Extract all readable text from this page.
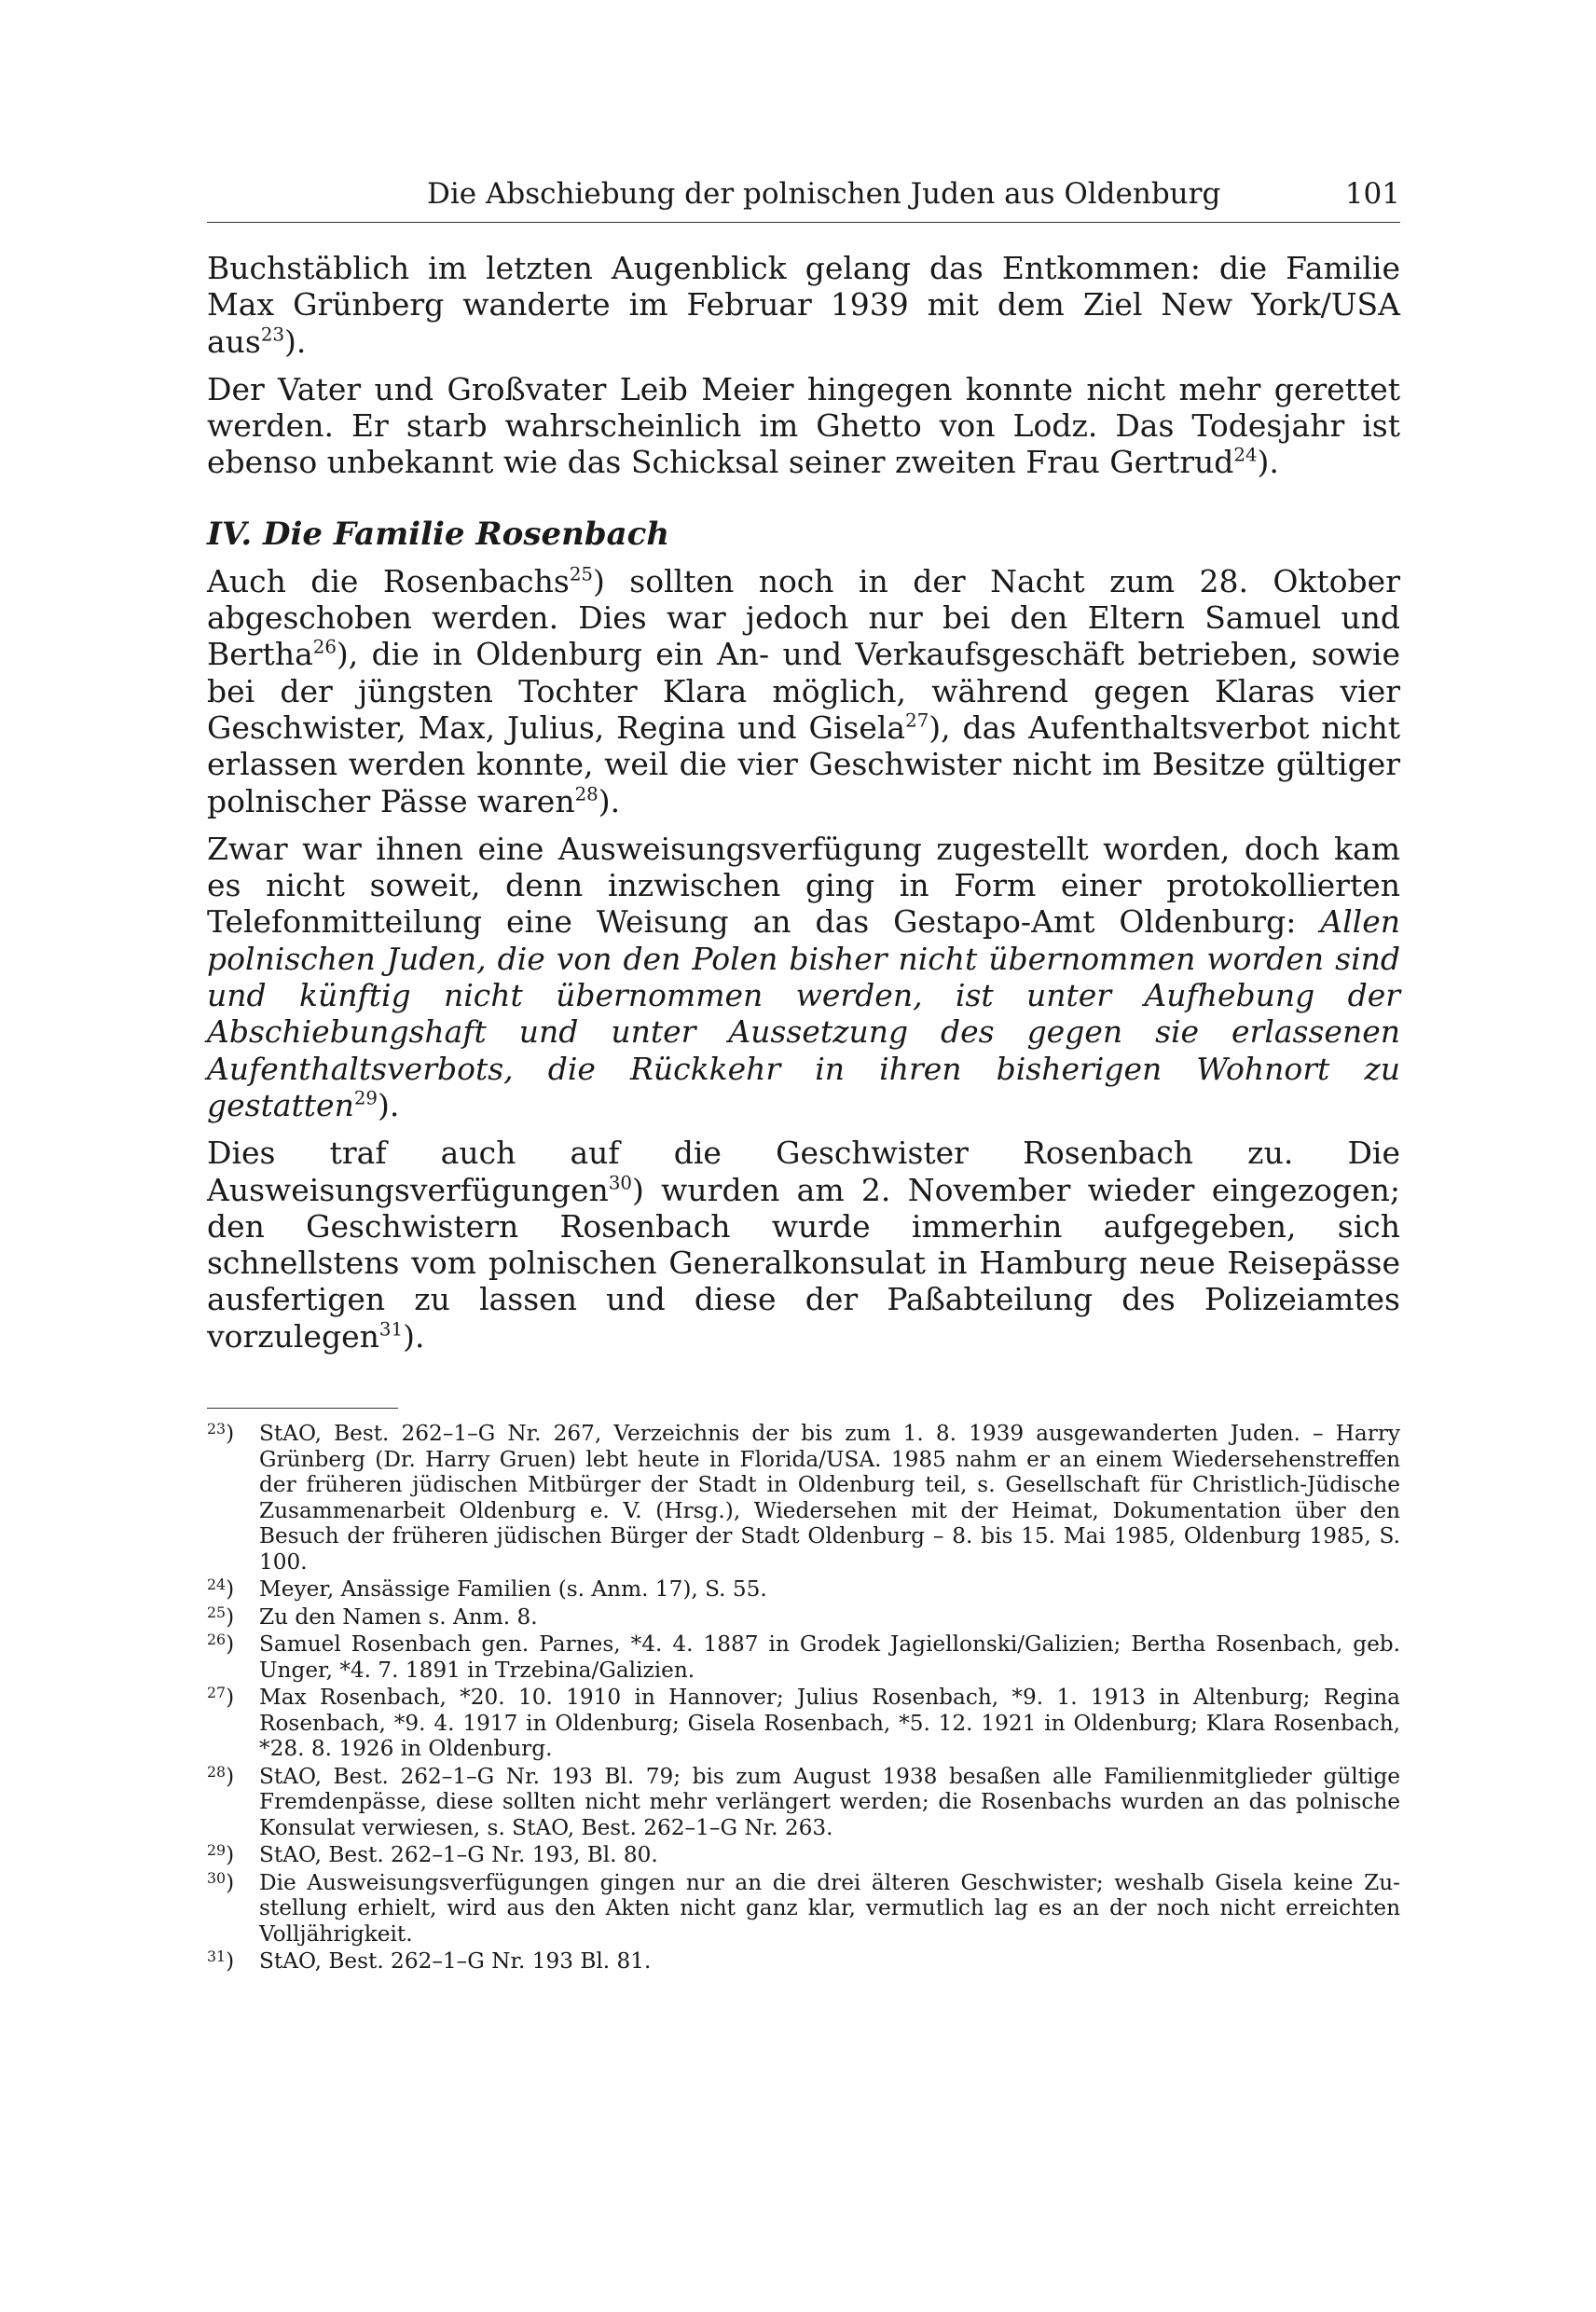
Die Abschiebung der polnischen Juden aus Oldenburg	101

Buchstäblich im letzten Augenblick gelang das Entkommen: die Familie Max Grünberg wanderte im Februar 1939 mit dem Ziel New York/USA aus$^{23}$).

Der Vater und Großvater Leib Meier hingegen konnte nicht mehr gerettet werden. Er starb wahrscheinlich im Ghetto von Lodz. Das Todesjahr ist ebenso unbekannt wie das Schicksal seiner zweiten Frau Gertrud$^{24}$).

IV. Die Familie Rosenbach

Auch die Rosenbachs$^{25}$) sollten noch in der Nacht zum 28. Oktober abgeschoben werden. Dies war jedoch nur bei den Eltern Samuel und Bertha$^{26}$), die in Oldenburg ein An- und Verkaufsgeschäft betrieben, sowie bei der jüngsten Tochter Klara möglich, während gegen Klaras vier Geschwister, Max, Julius, Regina und Gisela$^{27}$), das Aufenthaltsverbot nicht erlassen werden konnte, weil die vier Geschwister nicht im Besitze gültiger polnischer Pässe waren$^{28}$).

Zwar war ihnen eine Ausweisungsverfügung zugestellt worden, doch kam es nicht soweit, denn inzwischen ging in Form einer protokollierten Telefonmitteilung eine Weisung an das Gestapo-Amt Oldenburg: Allen polnischen Juden, die von den Polen bisher nicht übernommen worden sind und künftig nicht übernommen werden, ist unter Aufhebung der Abschiebungshaft und unter Aussetzung des gegen sie erlassenen Aufenthaltsverbots, die Rückkehr in ihren bisherigen Wohnort zu gestatten$^{29}$).

Dies traf auch auf die Geschwister Rosenbach zu. Die Ausweisungsverfügungen$^{30}$) wurden am 2. November wieder eingezogen; den Geschwistern Rosenbach wurde immerhin aufgegeben, sich schnellstens vom polnischen Generalkonsulat in Hamburg neue Reisepässe ausfertigen zu lassen und diese der Paßabteilung des Polizeiamtes vorzulegen$^{31}$).

$^{23}$) StAO, Best. 262–1–G Nr. 267, Verzeichnis der bis zum 1. 8. 1939 ausgewanderten Juden. – Harry Grünberg (Dr. Harry Gruen) lebt heute in Florida/USA. 1985 nahm er an einem Wiedersehenstreffen der früheren jüdischen Mitbürger der Stadt in Oldenburg teil, s. Gesellschaft für Christlich-Jüdische Zusammenarbeit Oldenburg e. V. (Hrsg.), Wiedersehen mit der Heimat, Dokumentation über den Besuch der früheren jüdischen Bürger der Stadt Oldenburg – 8. bis 15. Mai 1985, Oldenburg 1985, S. 100.
$^{24}$) Meyer, Ansässige Familien (s. Anm. 17), S. 55.
$^{25}$) Zu den Namen s. Anm. 8.
$^{26}$) Samuel Rosenbach gen. Parnes, *4. 4. 1887 in Grodek Jagiellonski/Galizien; Bertha Rosenbach, geb. Unger, *4. 7. 1891 in Trzebina/Galizien.
$^{27}$) Max Rosenbach, *20. 10. 1910 in Hannover; Julius Rosenbach, *9. 1. 1913 in Altenburg; Regina Rosenbach, *9. 4. 1917 in Oldenburg; Gisela Rosenbach, *5. 12. 1921 in Oldenburg; Klara Rosenbach, *28. 8. 1926 in Oldenburg.
$^{28}$) StAO, Best. 262–1–G Nr. 193 Bl. 79; bis zum August 1938 besaßen alle Familienmitglieder gültige Fremdenpässe, diese sollten nicht mehr verlängert werden; die Rosenbachs wurden an das polnische Konsulat verwiesen, s. StAO, Best. 262–1–G Nr. 263.
$^{29}$) StAO, Best. 262–1–G Nr. 193, Bl. 80.
$^{30}$) Die Ausweisungsverfügungen gingen nur an die drei älteren Geschwister; weshalb Gisela keine Zustellung erhielt, wird aus den Akten nicht ganz klar, vermutlich lag es an der noch nicht erreichten Volljährigkeit.
$^{31}$) StAO, Best. 262–1–G Nr. 193 Bl. 81.
